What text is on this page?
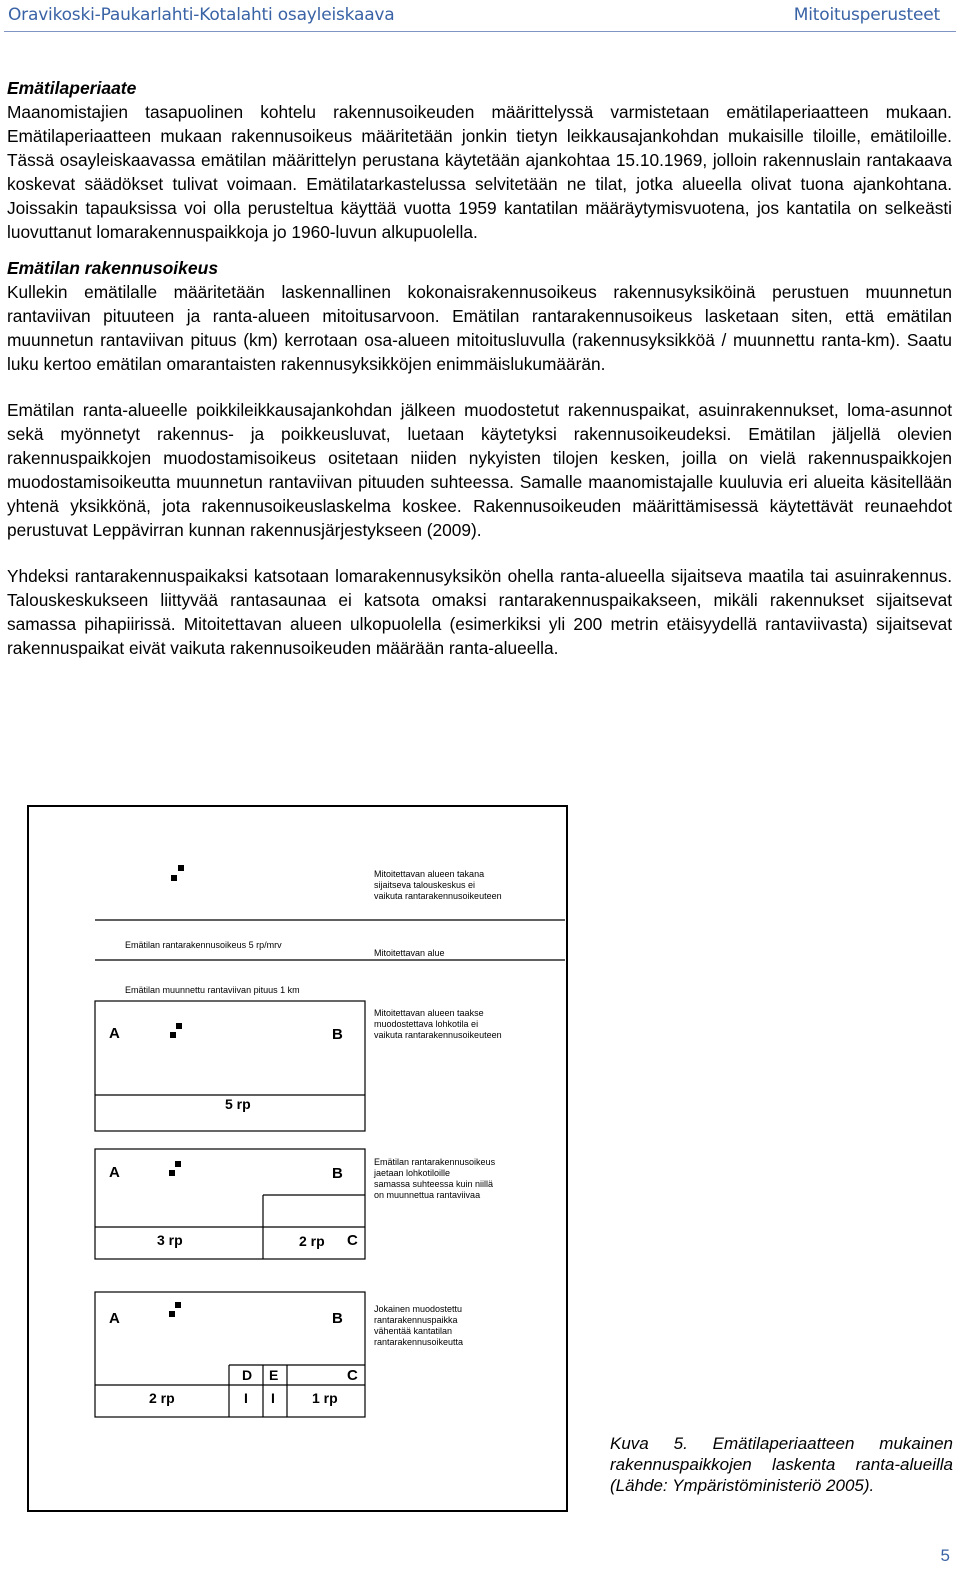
Oravikoski-Paukarlahti-Kotalahti osayleiskaava	Mitoitusperusteet
Emätilaperiaate

Maanomistajien tasapuolinen kohtelu rakennusoikeuden määrittelyssä varmistetaan emätilaperiaatteen mukaan. Emätilaperiaatteen mukaan rakennusoikeus määritetään jonkin tietyn leikkausajankohdan mukaisille tiloille, emätiloille. Tässä osayleiskaavassa emätilan määrittelyn perustana käytetään ajankohtaa 15.10.1969, jolloin rakennuslain rantakaava koskevat säädökset tulivat voimaan. Emätilatarkastelussa selvitetään ne tilat, jotka alueella olivat tuona ajankohtana. Joissakin tapauksissa voi olla perusteltua käyttää vuotta 1959 kantatilan määräytymisvuotena, jos kantatila on selkeästi luovuttanut lomarakennuspaikkoja jo 1960-luvun alkupuolella.

Emätilan rakennusoikeus

Kullekin emätilalle määritetään laskennallinen kokonaisrakennusoikeus rakennusyksiköinä perustuen muunnetun rantaviivan pituuteen ja ranta-alueen mitoitusarvoon. Emätilan rantarakennusoikeus lasketaan siten, että emätilan muunnetun rantaviivan pituus (km) kerrotaan osa-alueen mitoitusluvulla (rakennusyksikköä / muunnettu ranta-km). Saatu luku kertoo emätilan omarantaisten rakennusyksikköjen enimmäislukumäärän.

Emätilan ranta-alueelle poikkileikkausajankohdan jälkeen muodostetut rakennuspaikat, asuinrakennukset, loma-asunnot sekä myönnetyt rakennus- ja poikkeusluvat, luetaan käytetyksi rakennusoikeudeksi. Emätilan jäljellä olevien rakennuspaikkojen muodostamisoikeus ositetaan niiden nykyisten tilojen kesken, joilla on vielä rakennuspaikkojen muodostamisoikeutta muunnetun rantaviivan pituuden suhteessa. Samalle maanomistajalle kuuluvia eri alueita käsitellään yhtenä yksikkönä, jota rakennusoikeuslaskelma koskee. Rakennusoikeuden määrittämisessä käytettävät reunaehdot perustuvat Leppävirran kunnan rakennusjärjestykseen (2009).

Yhdeksi rantarakennuspaikaksi katsotaan lomarakennusyksikön ohella ranta-alueella sijaitseva maatila tai asuinrakennus. Talouskeskukseen liittyvää rantasaunaa ei katsota omaksi rantarakennuspaikakseen, mikäli rakennukset sijaitsevat samassa pihapiirissä. Mitoitettavan alueen ulkopuolella (esimerkiksi yli 200 metrin etäisyydellä rantaviivasta) sijaitsevat rakennuspaikat eivät vaikuta rakennusoikeuden määrään ranta-alueella.

Mitoitettavan alueen takana
sijaitseva talouskeskus ei
vaikuta rantarakennusoikeuteen
Emätilan rantarakennusoikeus 5 rp/mrv
Mitoitettavan alue
Emätilan muunnettu rantaviivan pituus 1 km
A	B
5 rp
Mitoitettavan alueen taakse
muodostettava lohkotila ei
vaikuta rantarakennusoikeuteen
A	B
3 rp	2 rp C
Emätilan rantarakennusoikeus
jaetaan lohkotiloille
samassa suhteessa kuin niillä
on muunnettua rantaviivaa
A	B
D E	C
2 rp	I I	1 rp
Jokainen muodostettu
rantarakennuspaikka
vähentää kantatilan
rantarakennusoikeutta
Kuva 5. Emätilaperiaatteen mukainen rakennuspaikkojen laskenta ranta-alueilla (Lähde: Ympäristöministeriö 2005).
5
